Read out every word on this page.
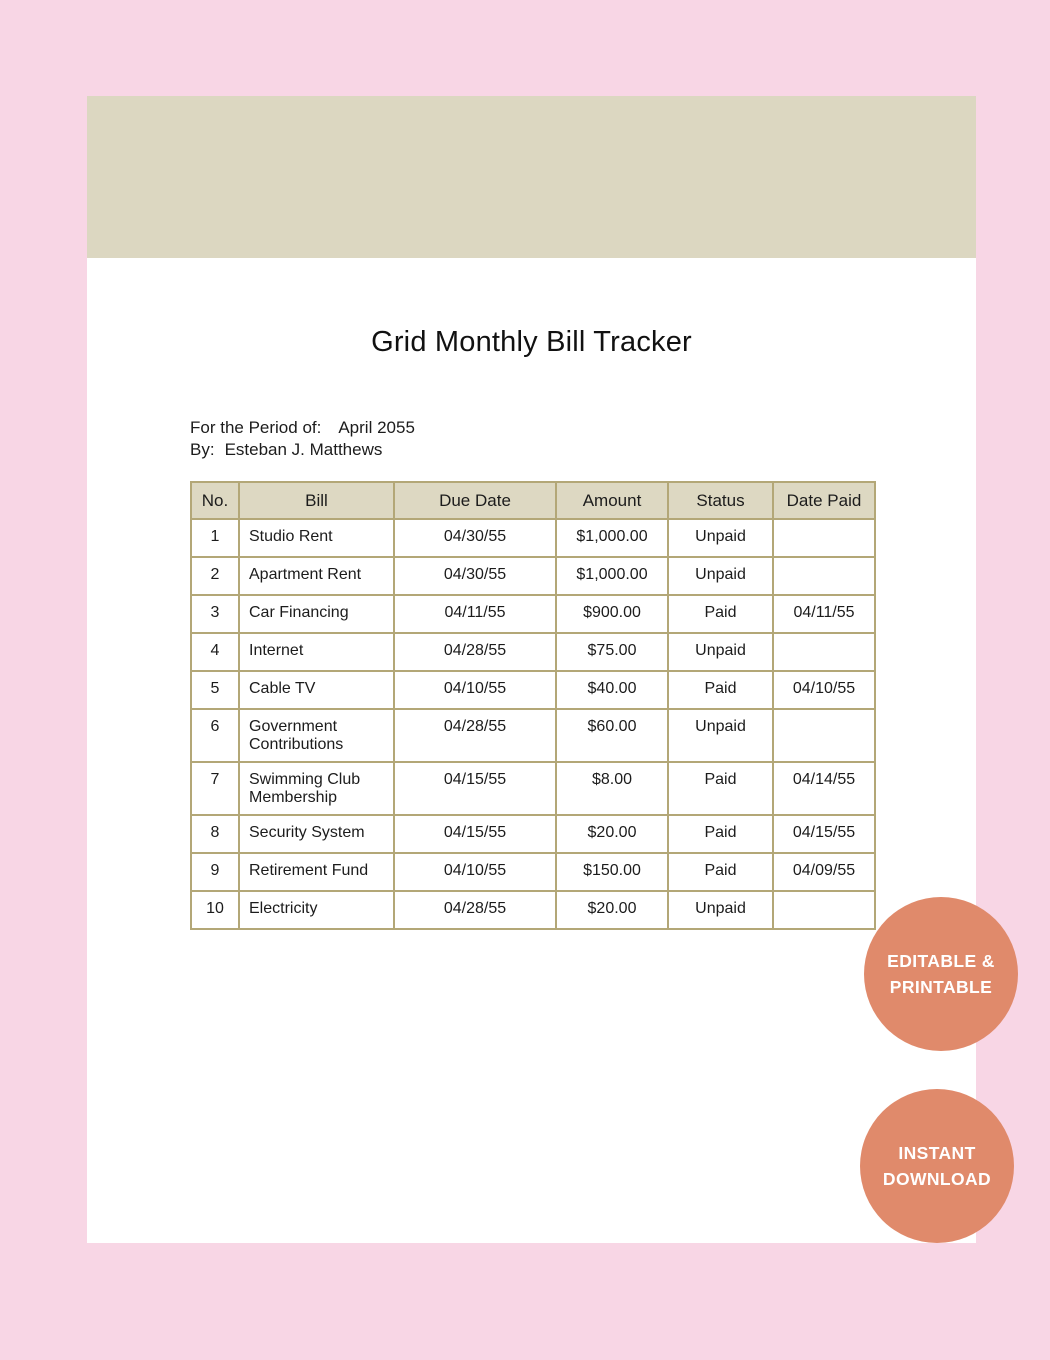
Grid Monthly Bill Tracker
For the Period of: April 2055
By: Esteban J. Matthews
No.	Bill	Due Date	Amount	Status	Date Paid
1	Studio Rent	04/30/55	$1,000.00	Unpaid	
2	Apartment Rent	04/30/55	$1,000.00	Unpaid	
3	Car Financing	04/11/55	$900.00	Paid	04/11/55
4	Internet	04/28/55	$75.00	Unpaid	
5	Cable TV	04/10/55	$40.00	Paid	04/10/55
6	Government Contributions	04/28/55	$60.00	Unpaid	
7	Swimming Club Membership	04/15/55	$8.00	Paid	04/14/55
8	Security System	04/15/55	$20.00	Paid	04/15/55
9	Retirement Fund	04/10/55	$150.00	Paid	04/09/55
10	Electricity	04/28/55	$20.00	Unpaid	
EDITABLE &
PRINTABLE
INSTANT
DOWNLOAD
